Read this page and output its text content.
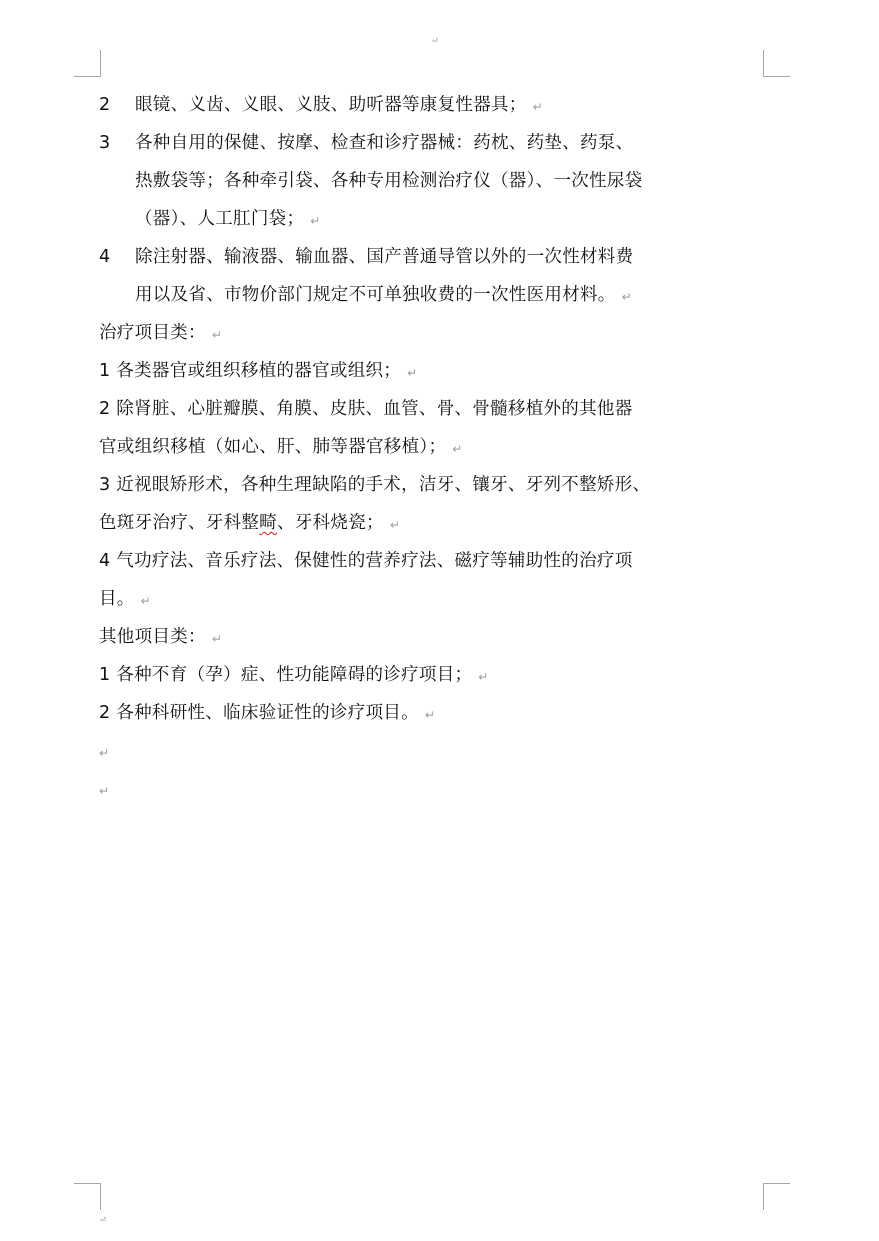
⏎
⏎
2 眼镜、义齿、义眼、义肢、助听器等康复性器具； ↵
3 各种自用的保健、按摩、检查和诊疗器械：药枕、药垫、药泵、
热敷袋等；各种牵引袋、各种专用检测治疗仪（器）、一次性尿袋
（器）、人工肛门袋； ↵
4 除注射器、输液器、输血器、国产普通导管以外的一次性材料费
用以及省、市物价部门规定不可单独收费的一次性医用材料。 ↵
治疗项目类： ↵
1 各类器官或组织移植的器官或组织； ↵
2 除肾脏、心脏瓣膜、角膜、皮肤、血管、骨、骨髓移植外的其他器
官或组织移植（如心、肝、肺等器官移植）； ↵
3 近视眼矫形术，各种生理缺陷的手术，洁牙、镶牙、牙列不整矫形、
色斑牙治疗、牙科整畸、牙科烧瓷； ↵
4 气功疗法、音乐疗法、保健性的营养疗法、磁疗等辅助性的治疗项
目。 ↵
其他项目类： ↵
1 各种不育（孕）症、性功能障碍的诊疗项目； ↵
2 各种科研性、临床验证性的诊疗项目。 ↵
↵
↵
